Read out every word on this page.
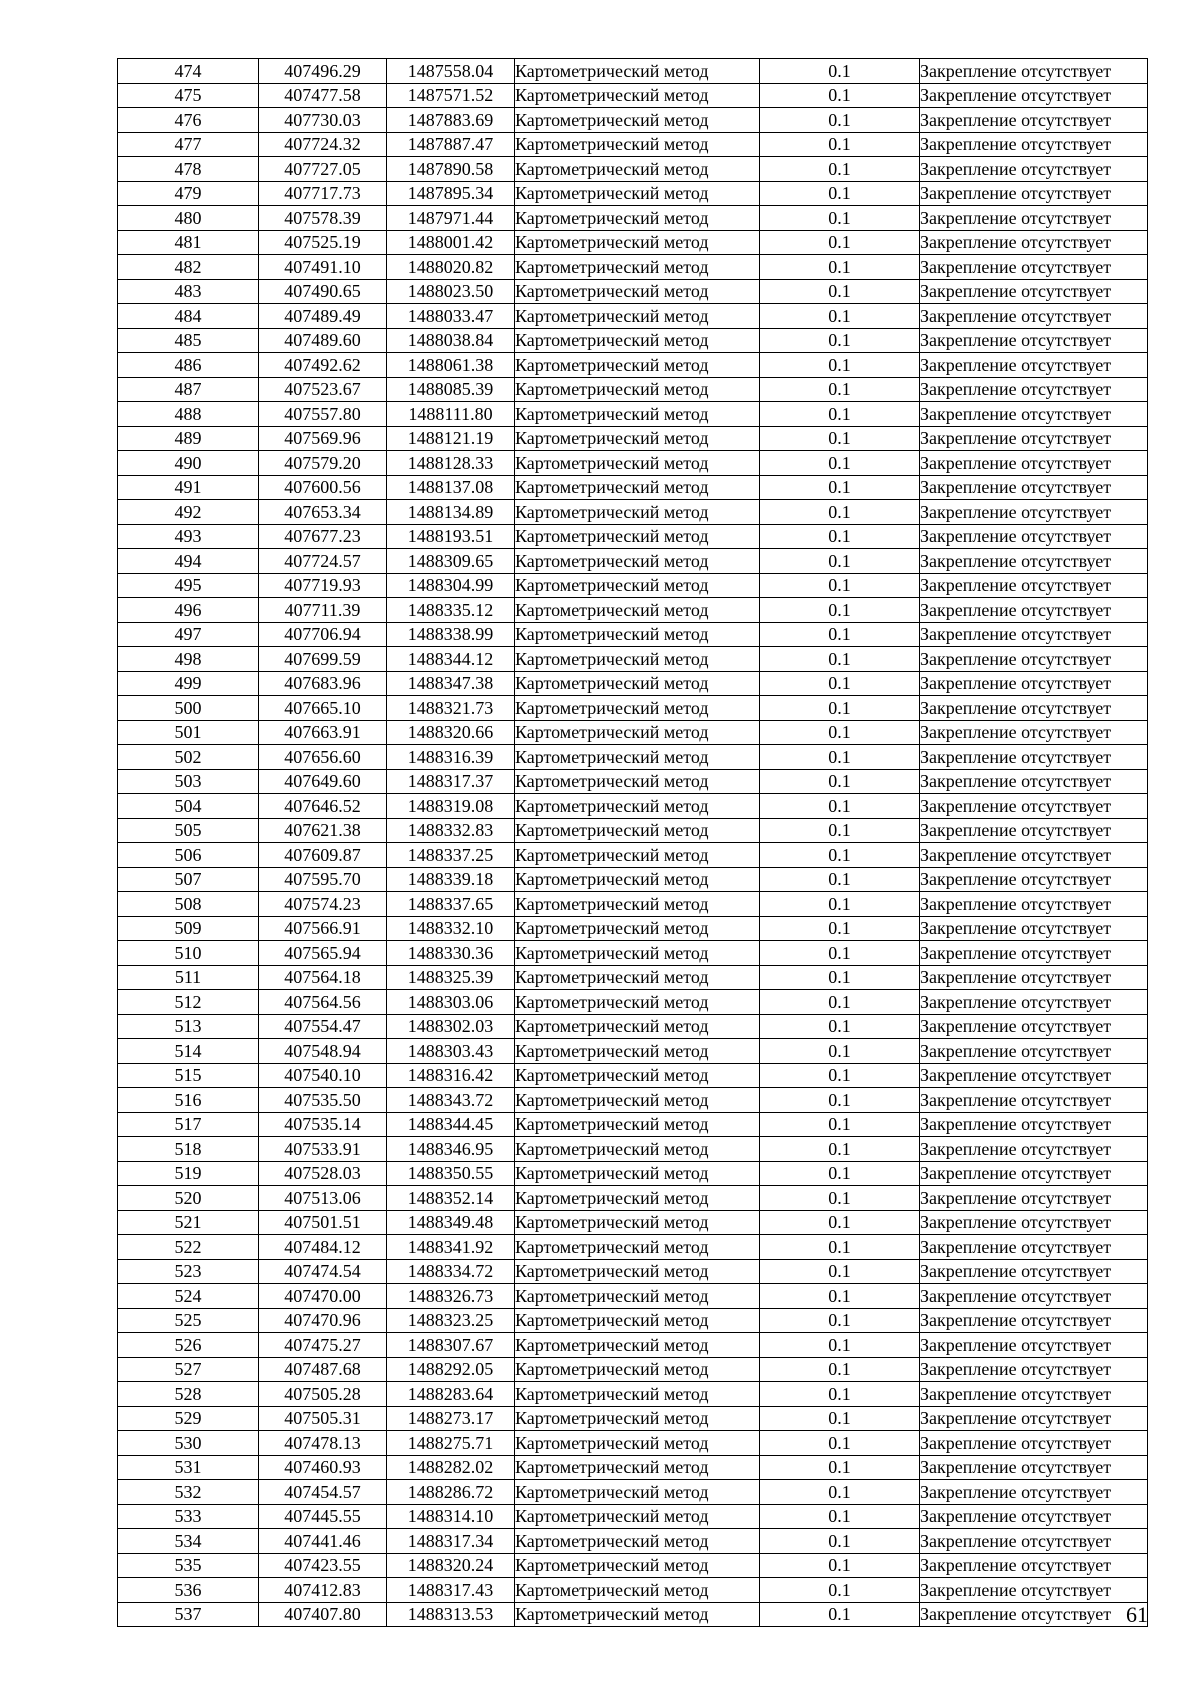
474	407496.29	1487558.04	Картометрический метод	0.1	Закрепление отсутствует
475	407477.58	1487571.52	Картометрический метод	0.1	Закрепление отсутствует
476	407730.03	1487883.69	Картометрический метод	0.1	Закрепление отсутствует
477	407724.32	1487887.47	Картометрический метод	0.1	Закрепление отсутствует
478	407727.05	1487890.58	Картометрический метод	0.1	Закрепление отсутствует
479	407717.73	1487895.34	Картометрический метод	0.1	Закрепление отсутствует
480	407578.39	1487971.44	Картометрический метод	0.1	Закрепление отсутствует
481	407525.19	1488001.42	Картометрический метод	0.1	Закрепление отсутствует
482	407491.10	1488020.82	Картометрический метод	0.1	Закрепление отсутствует
483	407490.65	1488023.50	Картометрический метод	0.1	Закрепление отсутствует
484	407489.49	1488033.47	Картометрический метод	0.1	Закрепление отсутствует
485	407489.60	1488038.84	Картометрический метод	0.1	Закрепление отсутствует
486	407492.62	1488061.38	Картометрический метод	0.1	Закрепление отсутствует
487	407523.67	1488085.39	Картометрический метод	0.1	Закрепление отсутствует
488	407557.80	1488111.80	Картометрический метод	0.1	Закрепление отсутствует
489	407569.96	1488121.19	Картометрический метод	0.1	Закрепление отсутствует
490	407579.20	1488128.33	Картометрический метод	0.1	Закрепление отсутствует
491	407600.56	1488137.08	Картометрический метод	0.1	Закрепление отсутствует
492	407653.34	1488134.89	Картометрический метод	0.1	Закрепление отсутствует
493	407677.23	1488193.51	Картометрический метод	0.1	Закрепление отсутствует
494	407724.57	1488309.65	Картометрический метод	0.1	Закрепление отсутствует
495	407719.93	1488304.99	Картометрический метод	0.1	Закрепление отсутствует
496	407711.39	1488335.12	Картометрический метод	0.1	Закрепление отсутствует
497	407706.94	1488338.99	Картометрический метод	0.1	Закрепление отсутствует
498	407699.59	1488344.12	Картометрический метод	0.1	Закрепление отсутствует
499	407683.96	1488347.38	Картометрический метод	0.1	Закрепление отсутствует
500	407665.10	1488321.73	Картометрический метод	0.1	Закрепление отсутствует
501	407663.91	1488320.66	Картометрический метод	0.1	Закрепление отсутствует
502	407656.60	1488316.39	Картометрический метод	0.1	Закрепление отсутствует
503	407649.60	1488317.37	Картометрический метод	0.1	Закрепление отсутствует
504	407646.52	1488319.08	Картометрический метод	0.1	Закрепление отсутствует
505	407621.38	1488332.83	Картометрический метод	0.1	Закрепление отсутствует
506	407609.87	1488337.25	Картометрический метод	0.1	Закрепление отсутствует
507	407595.70	1488339.18	Картометрический метод	0.1	Закрепление отсутствует
508	407574.23	1488337.65	Картометрический метод	0.1	Закрепление отсутствует
509	407566.91	1488332.10	Картометрический метод	0.1	Закрепление отсутствует
510	407565.94	1488330.36	Картометрический метод	0.1	Закрепление отсутствует
511	407564.18	1488325.39	Картометрический метод	0.1	Закрепление отсутствует
512	407564.56	1488303.06	Картометрический метод	0.1	Закрепление отсутствует
513	407554.47	1488302.03	Картометрический метод	0.1	Закрепление отсутствует
514	407548.94	1488303.43	Картометрический метод	0.1	Закрепление отсутствует
515	407540.10	1488316.42	Картометрический метод	0.1	Закрепление отсутствует
516	407535.50	1488343.72	Картометрический метод	0.1	Закрепление отсутствует
517	407535.14	1488344.45	Картометрический метод	0.1	Закрепление отсутствует
518	407533.91	1488346.95	Картометрический метод	0.1	Закрепление отсутствует
519	407528.03	1488350.55	Картометрический метод	0.1	Закрепление отсутствует
520	407513.06	1488352.14	Картометрический метод	0.1	Закрепление отсутствует
521	407501.51	1488349.48	Картометрический метод	0.1	Закрепление отсутствует
522	407484.12	1488341.92	Картометрический метод	0.1	Закрепление отсутствует
523	407474.54	1488334.72	Картометрический метод	0.1	Закрепление отсутствует
524	407470.00	1488326.73	Картометрический метод	0.1	Закрепление отсутствует
525	407470.96	1488323.25	Картометрический метод	0.1	Закрепление отсутствует
526	407475.27	1488307.67	Картометрический метод	0.1	Закрепление отсутствует
527	407487.68	1488292.05	Картометрический метод	0.1	Закрепление отсутствует
528	407505.28	1488283.64	Картометрический метод	0.1	Закрепление отсутствует
529	407505.31	1488273.17	Картометрический метод	0.1	Закрепление отсутствует
530	407478.13	1488275.71	Картометрический метод	0.1	Закрепление отсутствует
531	407460.93	1488282.02	Картометрический метод	0.1	Закрепление отсутствует
532	407454.57	1488286.72	Картометрический метод	0.1	Закрепление отсутствует
533	407445.55	1488314.10	Картометрический метод	0.1	Закрепление отсутствует
534	407441.46	1488317.34	Картометрический метод	0.1	Закрепление отсутствует
535	407423.55	1488320.24	Картометрический метод	0.1	Закрепление отсутствует
536	407412.83	1488317.43	Картометрический метод	0.1	Закрепление отсутствует
537	407407.80	1488313.53	Картометрический метод	0.1	Закрепление отсутствует 61
